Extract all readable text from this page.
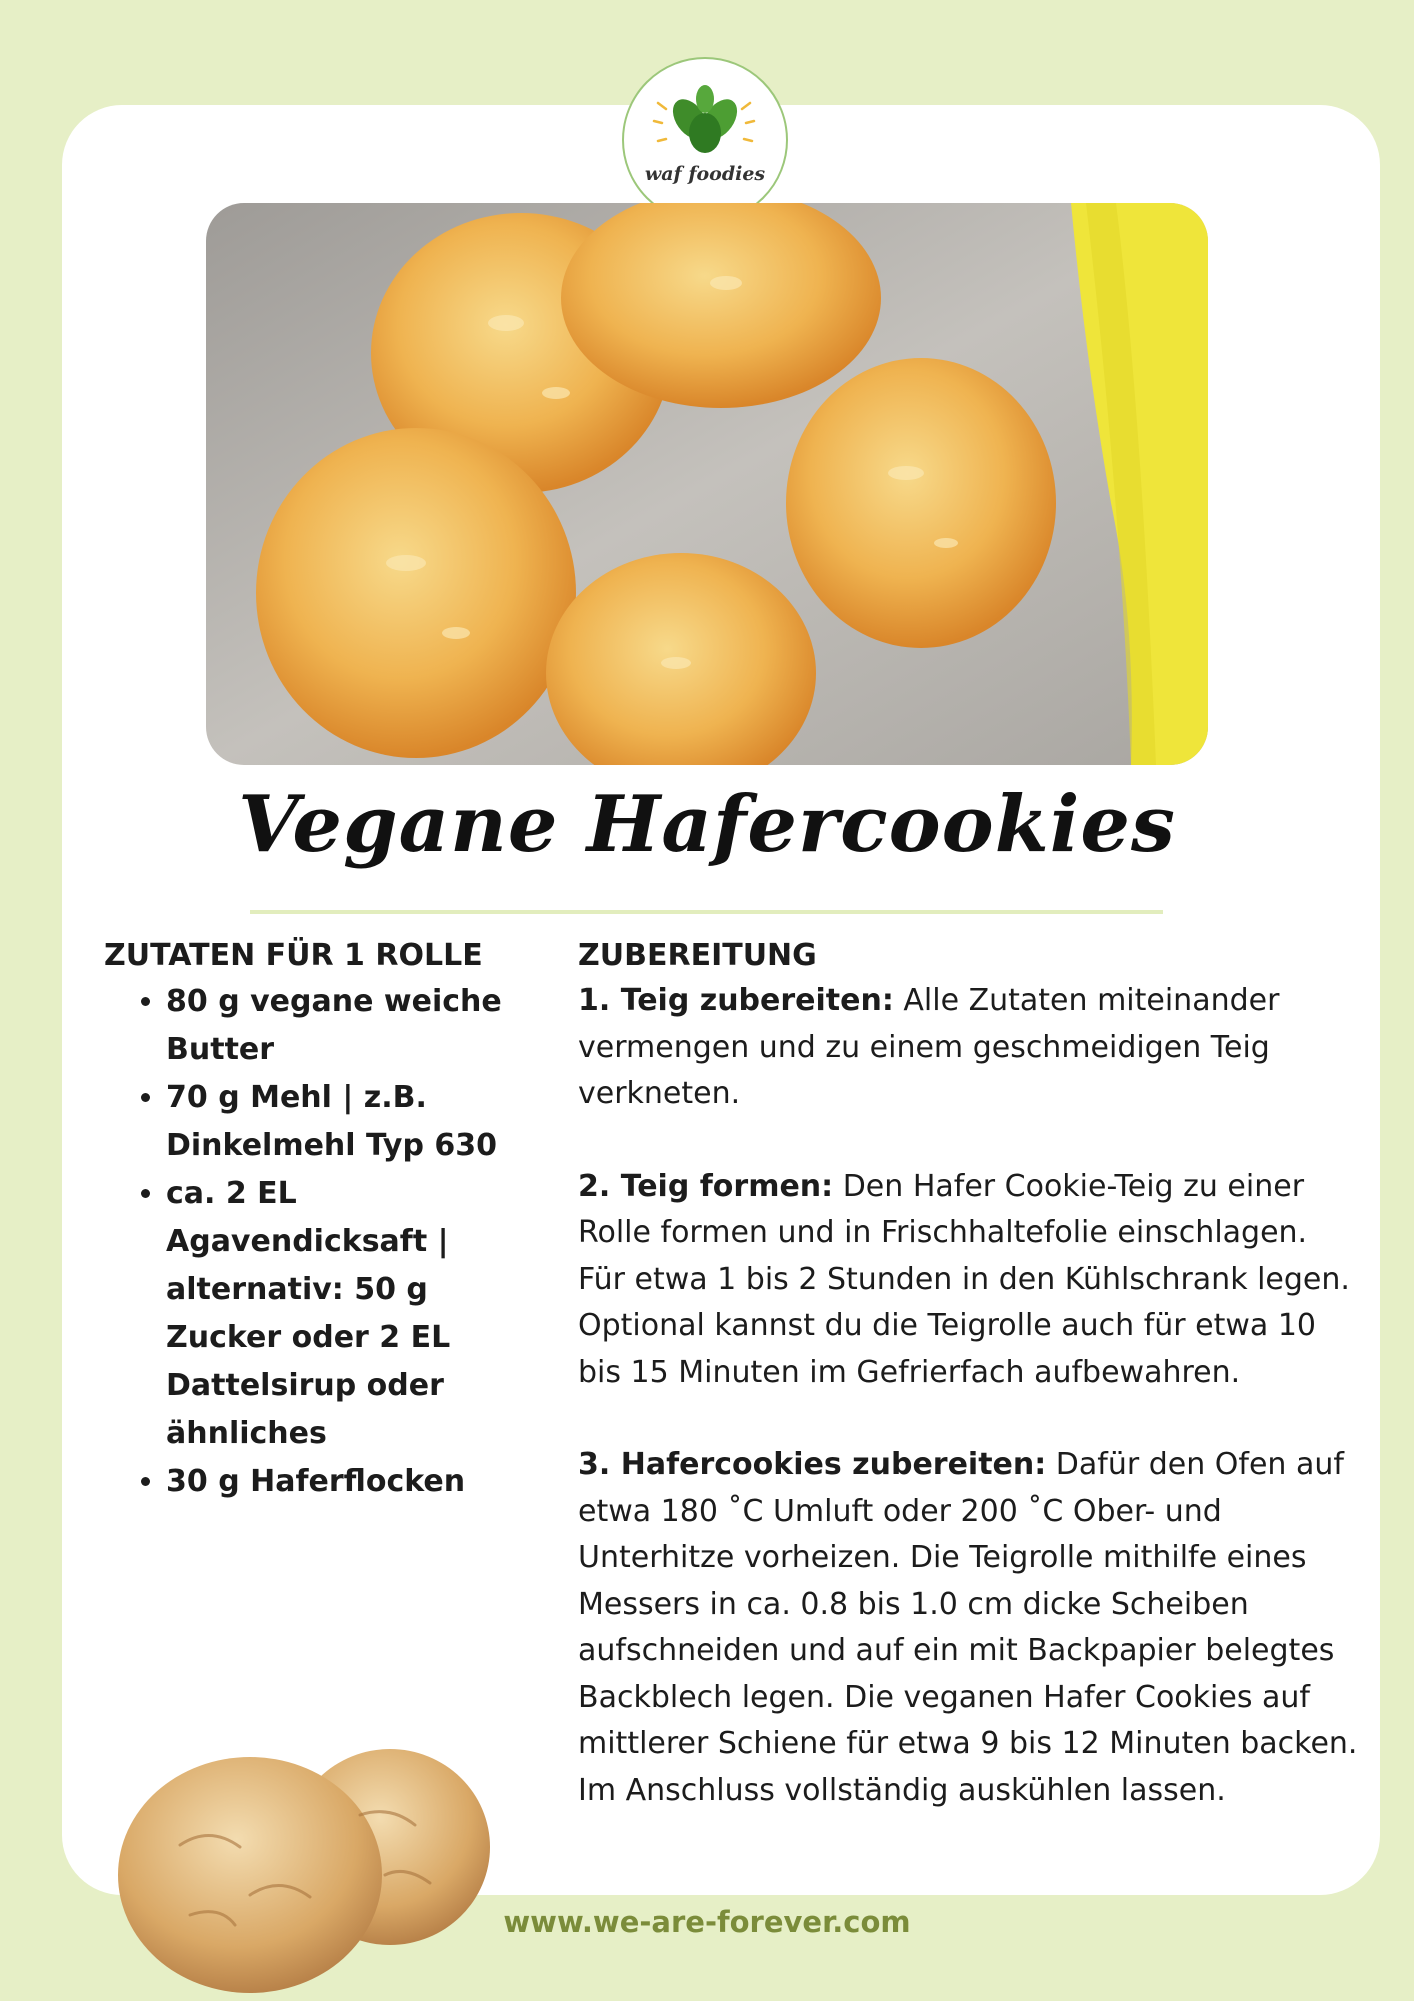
waf foodies
Vegane Hafercookies
ZUTATEN FÜR 1 ROLLE
• 80 g vegane weiche Butter
• 70 g Mehl | z.B. Dinkelmehl Typ 630
• ca. 2 EL Agavendicksaft | alternativ: 50 g Zucker oder 2 EL Dattelsirup oder ähnliches
• 30 g Haferflocken
ZUBEREITUNG

1. Teig zubereiten: Alle Zutaten miteinander vermengen und zu einem geschmeidigen Teig verkneten.

2. Teig formen: Den Hafer Cookie-Teig zu einer Rolle formen und in Frischhaltefolie einschlagen. Für etwa 1 bis 2 Stunden in den Kühlschrank legen. Optional kannst du die Teigrolle auch für etwa 10 bis 15 Minuten im Gefrierfach aufbewahren.

3. Hafercookies zubereiten: Dafür den Ofen auf etwa 180 ˚C Umluft oder 200 ˚C Ober- und Unterhitze vorheizen. Die Teigrolle mithilfe eines Messers in ca. 0.8 bis 1.0 cm dicke Scheiben aufschneiden und auf ein mit Backpapier belegtes Backblech legen. Die veganen Hafer Cookies auf mittlerer Schiene für etwa 9 bis 12 Minuten backen. Im Anschluss vollständig auskühlen lassen.

www.we-are-forever.com
